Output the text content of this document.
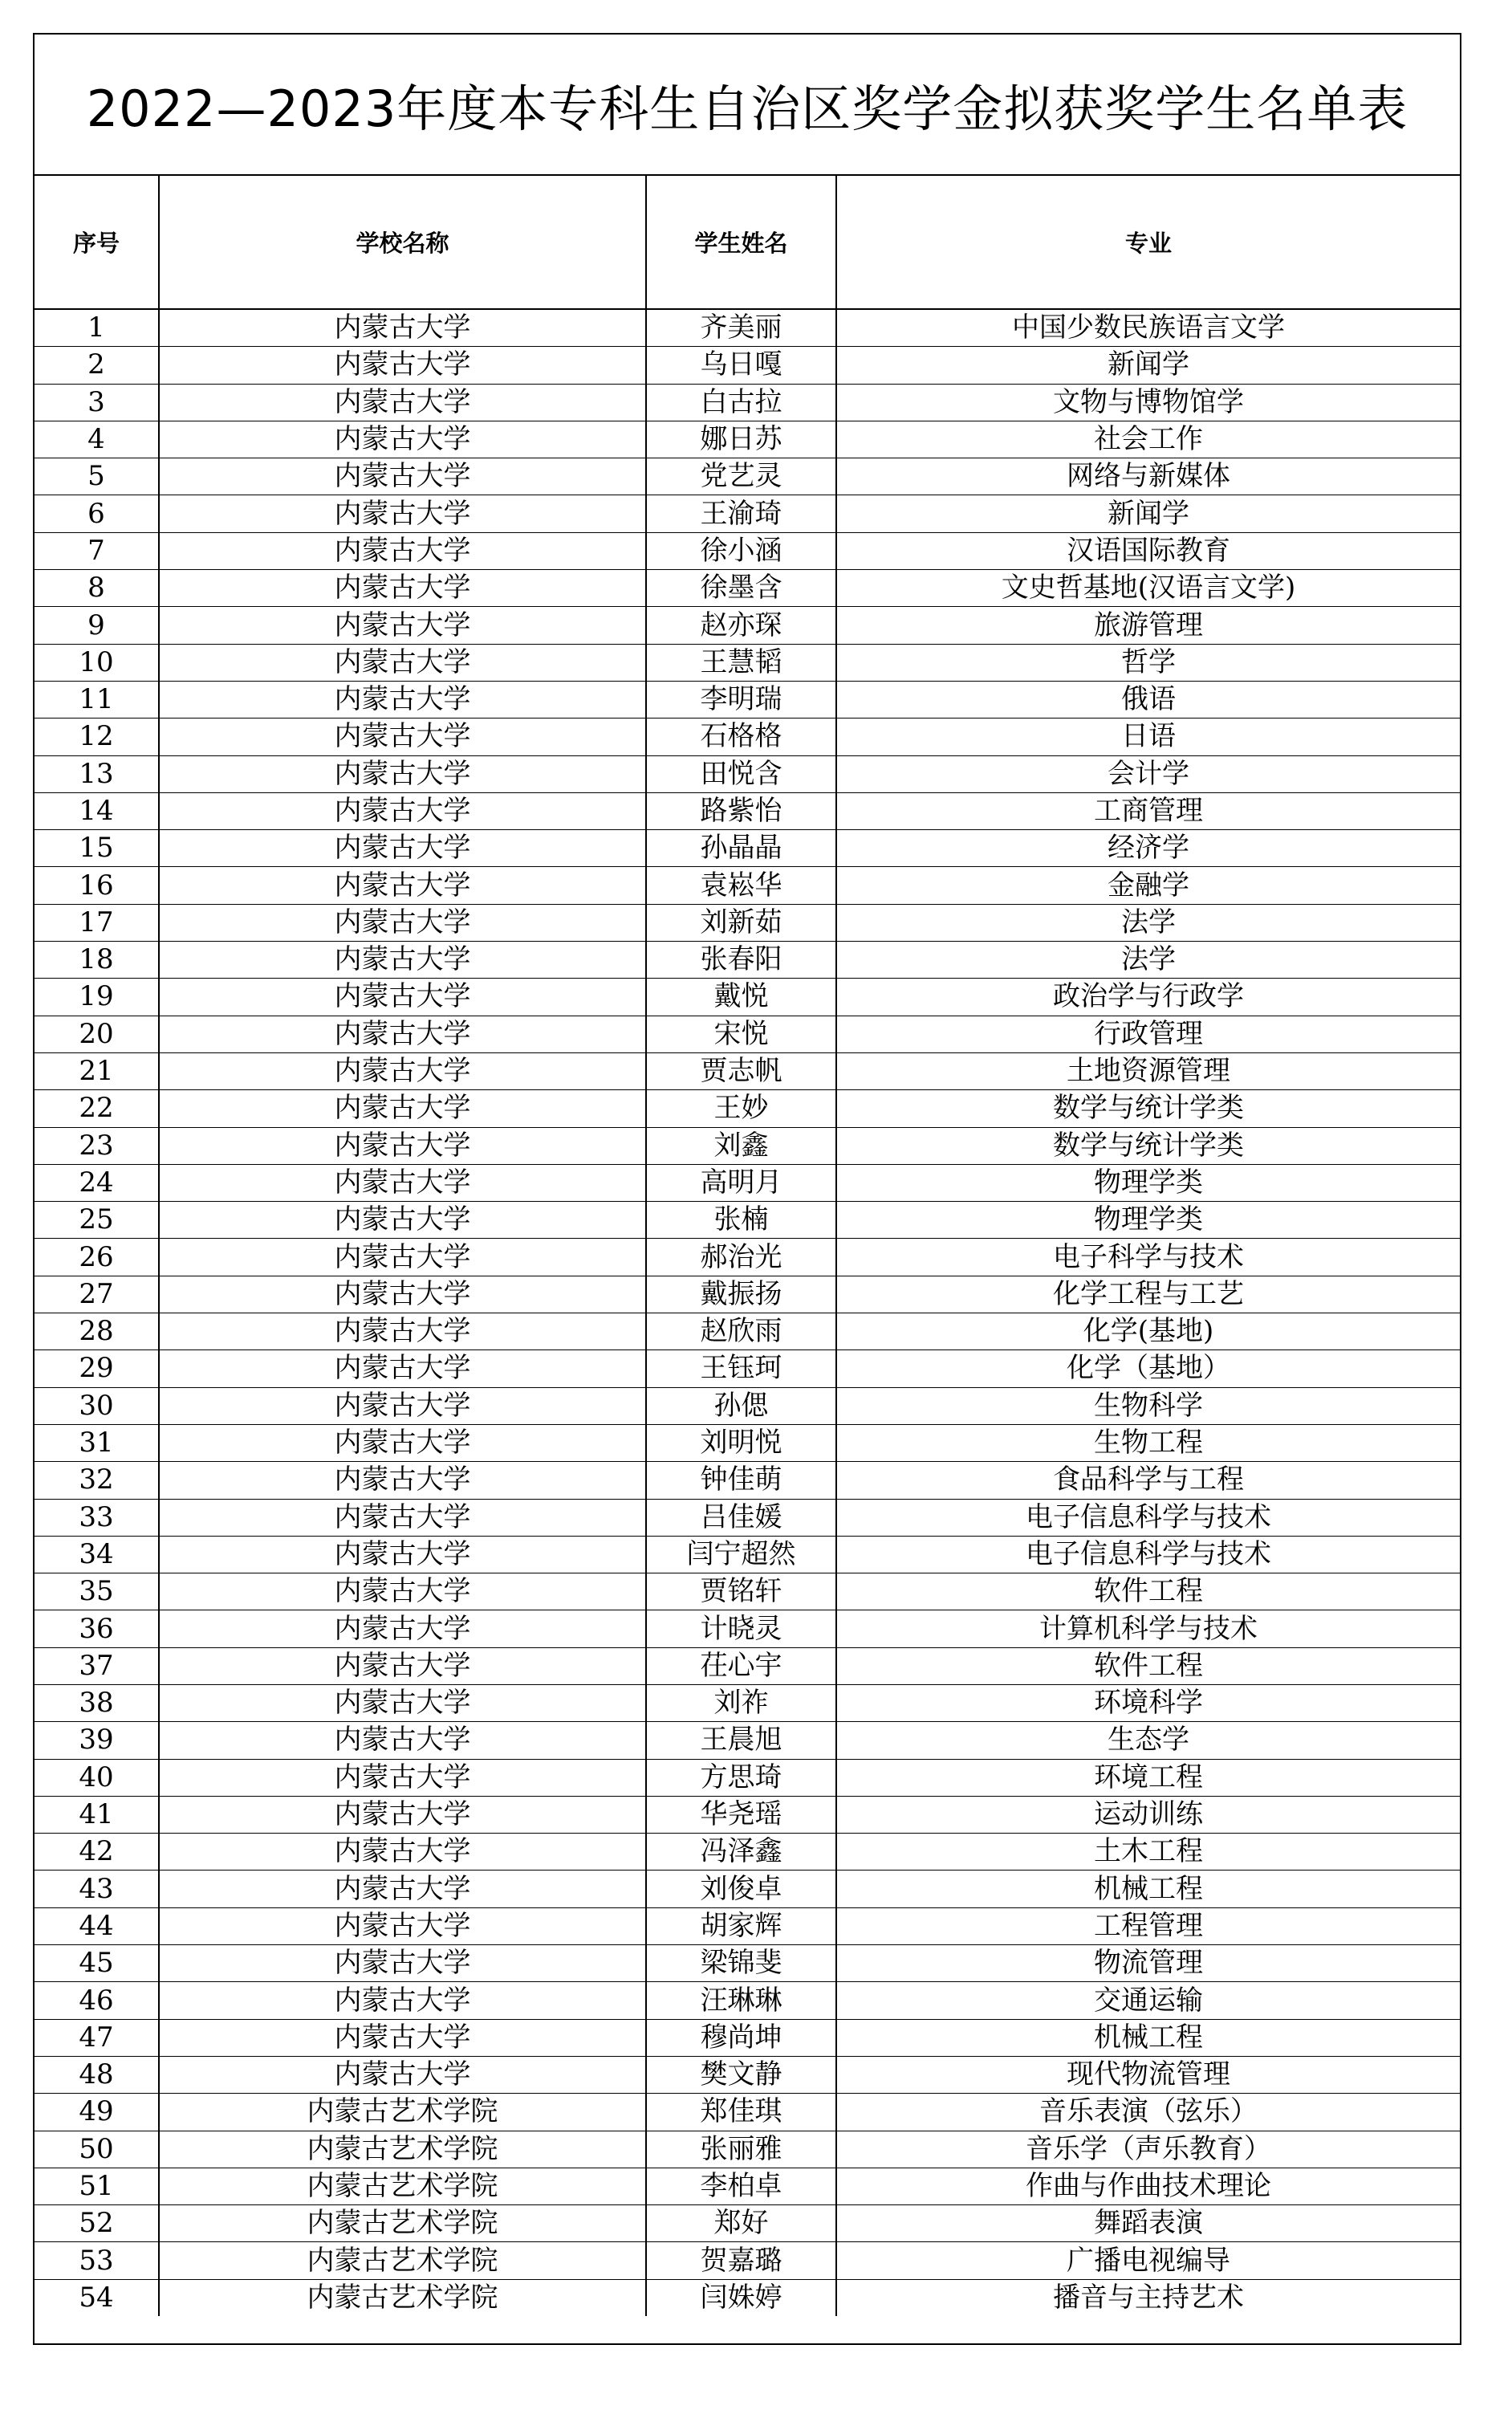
2022—2023年度本专科生自治区奖学金拟获奖学生名单表
序号	学校名称	学生姓名	专业
1	内蒙古大学	齐美丽	中国少数民族语言文学
2	内蒙古大学	乌日嘎	新闻学
3	内蒙古大学	白古拉	文物与博物馆学
4	内蒙古大学	娜日苏	社会工作
5	内蒙古大学	党艺灵	网络与新媒体
6	内蒙古大学	王渝琦	新闻学
7	内蒙古大学	徐小涵	汉语国际教育
8	内蒙古大学	徐墨含	文史哲基地(汉语言文学)
9	内蒙古大学	赵亦琛	旅游管理
10	内蒙古大学	王慧韬	哲学
11	内蒙古大学	李明瑞	俄语
12	内蒙古大学	石格格	日语
13	内蒙古大学	田悦含	会计学
14	内蒙古大学	路紫怡	工商管理
15	内蒙古大学	孙晶晶	经济学
16	内蒙古大学	袁崧华	金融学
17	内蒙古大学	刘新茹	法学
18	内蒙古大学	张春阳	法学
19	内蒙古大学	戴悦	政治学与行政学
20	内蒙古大学	宋悦	行政管理
21	内蒙古大学	贾志帆	土地资源管理
22	内蒙古大学	王妙	数学与统计学类
23	内蒙古大学	刘鑫	数学与统计学类
24	内蒙古大学	高明月	物理学类
25	内蒙古大学	张楠	物理学类
26	内蒙古大学	郝治光	电子科学与技术
27	内蒙古大学	戴振扬	化学工程与工艺
28	内蒙古大学	赵欣雨	化学(基地)
29	内蒙古大学	王钰珂	化学（基地）
30	内蒙古大学	孙偲	生物科学
31	内蒙古大学	刘明悦	生物工程
32	内蒙古大学	钟佳萌	食品科学与工程
33	内蒙古大学	吕佳媛	电子信息科学与技术
34	内蒙古大学	闫宁超然	电子信息科学与技术
35	内蒙古大学	贾铭轩	软件工程
36	内蒙古大学	计晓灵	计算机科学与技术
37	内蒙古大学	茌心宇	软件工程
38	内蒙古大学	刘祚	环境科学
39	内蒙古大学	王晨旭	生态学
40	内蒙古大学	方思琦	环境工程
41	内蒙古大学	华尧瑶	运动训练
42	内蒙古大学	冯泽鑫	土木工程
43	内蒙古大学	刘俊卓	机械工程
44	内蒙古大学	胡家辉	工程管理
45	内蒙古大学	梁锦斐	物流管理
46	内蒙古大学	汪琳琳	交通运输
47	内蒙古大学	穆尚坤	机械工程
48	内蒙古大学	樊文静	现代物流管理
49	内蒙古艺术学院	郑佳琪	音乐表演（弦乐）
50	内蒙古艺术学院	张丽雅	音乐学（声乐教育）
51	内蒙古艺术学院	李柏卓	作曲与作曲技术理论
52	内蒙古艺术学院	郑好	舞蹈表演
53	内蒙古艺术学院	贺嘉璐	广播电视编导
54	内蒙古艺术学院	闫姝婷	播音与主持艺术
